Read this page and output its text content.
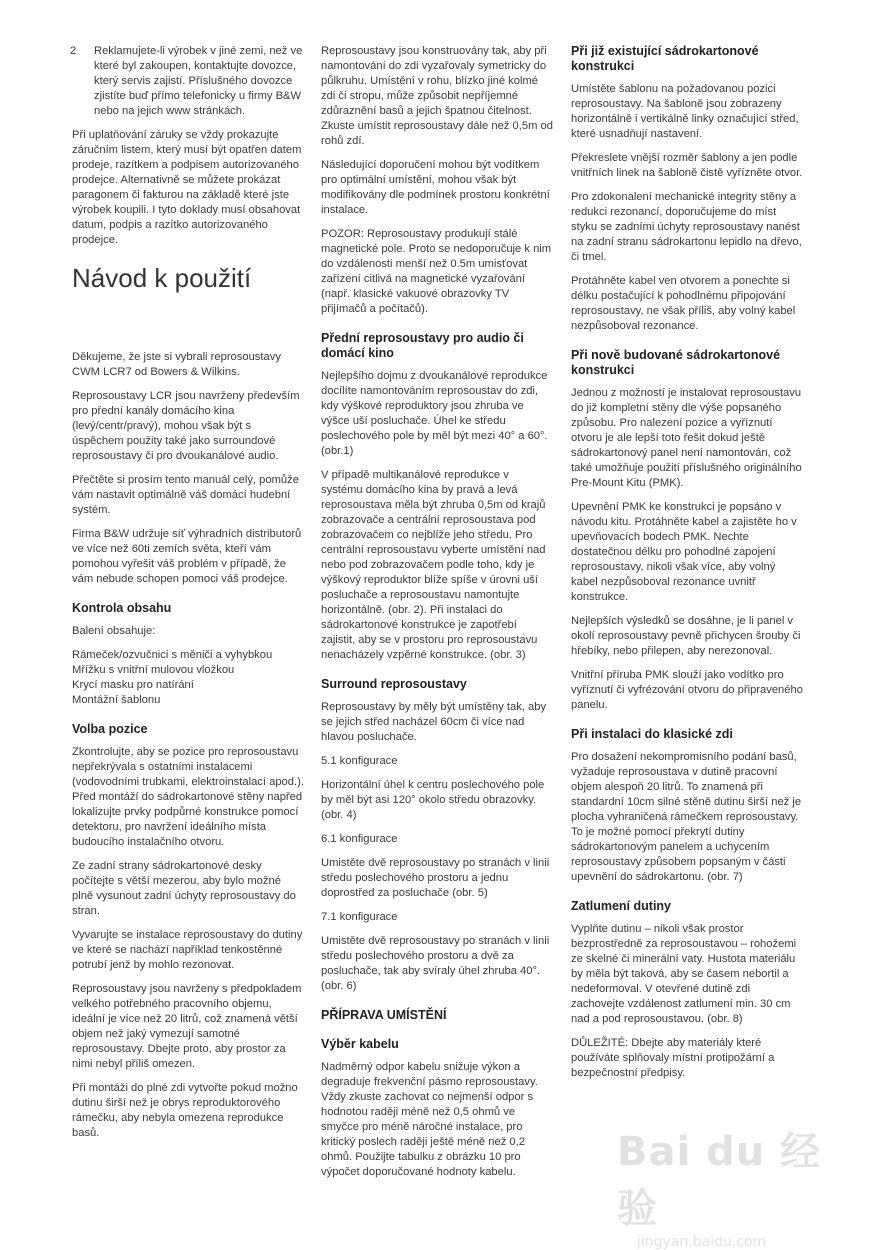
2	Reklamujete-li výrobek v jiné zemi, než ve které byl zakoupen, kontaktujte dovozce, který servis zajistí. Příslušného dovozce zjistíte buď přímo telefonicky u firmy B&W nebo na jejich www stránkách.

Při uplatňování záruky se vždy prokazujte záručním listem, který musí být opatřen datem prodeje, razítkem a podpisem autorizovaného prodejce. Alternativně se můžete prokázat paragonem či fakturou na základě které jste výrobek koupili. I tyto doklady musí obsahovat datum, podpis a razítko autorizovaného prodejce.

Návod k použití

Děkujeme, že jste si vybrali reprosoustavy CWM LCR7 od Bowers & Wilkins.

Reprosoustavy LCR jsou navrženy především pro přední kanály domácího kina (levý/centr/pravý), mohou však být s úspěchem použity také jako surroundové reprosoustavy či pro dvoukanálové audio.

Přečtěte si prosím tento manuál celý, pomůže vám nastavit optimálně váš domácí hudební systém.

Firma B&W udržuje síť výhradních distributorů ve více než 60ti zemích světa, kteří vám pomohou vyřešit váš problém v případě, že vám nebude schopen pomoci váš prodejce.

Kontrola obsahu

Balení obsahuje:

Rámeček/ozvučnici s měniči a vyhybkou
Mřížku s vnitřní mulovou vložkou
Krycí masku pro natírání
Montážní šablonu
Volba pozice

Zkontrolujte, aby se pozice pro reprosoustavu nepřekrývala s ostatními instalacemi (vodovodními trubkami, elektroinstalací apod.). Před montáží do sádrokartonové stěny napřed lokalizujte prvky podpůrné konstrukce pomocí detektoru, pro navržení ideálního místa budoucího instalačního otvoru.

Ze zadní strany sádrokartonové desky počítejte s větší mezerou, aby bylo možné plně vysunout zadní úchyty reprosoustavy do stran.

Vyvarujte se instalace reprosoustavy do dutiny ve které se nachází například tenkostěnné potrubí jenž by mohlo rezonovat.

Reprosoustavy jsou navrženy s předpokladem velkého potřebného pracovního objemu, ideální je více než 20 litrů, což znamená větší objem než jaký vymezují samotné reprosoustavy. Dbejte proto, aby prostor za nimi nebyl příliš omezen.

Při montáži do plné zdi vytvořte pokud možno dutinu širší než je obrys reproduktorového rámečku, aby nebyla omezena reprodukce basů.

Reprosoustavy jsou konstruovány tak, aby při namontování do zdi vyzařovaly symetricky do půlkruhu. Umístění v rohu, blízko jiné kolmé zdi či stropu, může způsobit nepříjemné zdůraznění basů a jejich špatnou čitelnost. Zkuste umístit reprosoustavy dále než 0,5m od rohů zdí.

Následující doporučení mohou být vodítkem pro optimální umístění, mohou však být modifikovány dle podmínek prostoru konkrétní instalace.

POZOR: Reprosoustavy produkují stálé magnetické pole. Proto se nedoporučuje k nim do vzdálenosti menší než 0.5m umisťovat zařízení citlivá na magnetické vyzařování (např. klasické vakuové obrazovky TV přijímačů a počítačů).

Přední reprosoustavy pro audio či domácí kino

Nejlepšího dojmu z dvoukanálové reprodukce docílíte namontováním reprosoustav do zdi, kdy výškové reproduktory jsou zhruba ve výšce uší posluchače. Úhel ke středu poslechového pole by měl být mezi 40° a 60°. (obr.1)

V případě multikanálové reprodukce v systému domácího kina by pravá a levá reprosoustava měla být zhruba 0,5m od krajů zobrazovače a centrální reprosoustava pod zobrazovačem co nejblíže jeho středu. Pro centrální reprosoustavu vyberte umístění nad nebo pod zobrazovačem podle toho, kdy je výškový reproduktor blíže spíše v úrovni uší posluchače a reprosoustavu namontujte horizontálně. (obr. 2). Při instalaci do sádrokartonové konstrukce je zapotřebí zajistit, aby se v prostoru pro reprosoustavu nenacházely vzpěrné konstrukce. (obr. 3)

Surround reprosoustavy

Reprosoustavy by měly být umístěny tak, aby se jejich střed nacházel 60cm či více nad hlavou posluchače.

5.1 konfigurace

Horizontální úhel k centru poslechového pole by měl být asi 120° okolo středu obrazovky. (obr. 4)

6.1 konfigurace

Umistěte dvě reprosoustavy po stranách v linii středu poslechového prostoru a jednu doprostřed za posluchače (obr. 5)

7.1 konfigurace

Umistěte dvě reprosoustavy po stranách v linii středu poslechového prostoru a dvě za posluchače, tak aby svíraly úhel zhruba 40°. (obr. 6)

PŘÍPRAVA UMÍSTĚNÍ
Výběr kabelu

Nadměrný odpor kabelu snižuje výkon a degraduje frekvenční pásmo reprosoustavy. Vždy zkuste zachovat co nejmenší odpor s hodnotou raději méně než 0,5 ohmů ve smyčce pro méně náročné instalace, pro kritický poslech raději ještě méně než 0,2 ohmů. Použijte tabulku z obrázku 10 pro výpočet doporučované hodnoty kabelu.

Při již existující sádrokartonové konstrukci

Umístěte šablonu na požadovanou pozici reprosoustavy. Na šabloně jsou zobrazeny horizontálně i vertikálně linky označující střed, které usnadňují nastavení.

Překreslete vnější rozměr šablony a jen podle vnitřních linek na šabloně čistě vyřízněte otvor.

Pro zdokonalení mechanické integrity stěny a redukci rezonancí, doporučujeme do míst styku se zadními úchyty reprosoustavy nanést na zadní stranu sádrokartonu lepidlo na dřevo, či tmel.

Protáhněte kabel ven otvorem a ponechte si délku postačující k pohodlnému připojování reprosoustavy, ne však příliš, aby volný kabel nezpůsoboval rezonance.

Při nově budované sádrokartonové konstrukci

Jednou z možností je instalovat reprosoustavu do již kompletní stěny dle výše popsaného způsobu. Pro nalezení pozice a vyříznutí otvoru je ale lepší toto řešit dokud ještě sádrokartonový panel není namontován, což také umožňuje použití příslušného originálního Pre-Mount Kitu (PMK).

Upevnění PMK ke konstrukci je popsáno v návodu kitu. Protáhněte kabel a zajistěte ho v upevňovacích bodech PMK. Nechte dostatečnou délku pro pohodlné zapojení reprosoustavy, nikoli však více, aby volný kabel nezpůsoboval rezonance uvnitř konstrukce.

Nejlepších výsledků se dosáhne, je li panel v okolí reprosoustavy pevně přichycen šrouby či hřebíky, nebo přilepen, aby nerezonoval.

Vnitřní příruba PMK slouží jako vodítko pro vyříznutí či vyfrézování otvoru do připraveného panelu.

Při instalaci do klasické zdi

Pro dosažení nekompromisního podání basů, vyžaduje reprosoustava v dutině pracovní objem alespoň 20 litrů. To znamená při standardní 10cm silné stěně dutinu širší než je plocha vyhraničená rámečkem reprosoustavy. To je možné pomocí překrytí dutiny sádrokartonovým panelem a uchycením reprosoustavy způsobem popsaným v části upevnění do sádrokartonu. (obr. 7)

Zatlumení dutiny

Vyplňte dutinu – nikoli však prostor bezprostředně za reprosoustavou – rohožemi ze skelné či minerální vaty. Hustota materiálu by měla být taková, aby se časem nebortil a nedeformoval. V otevřené dutině zdi zachovejte vzdálenost zatlumení min. 30 cm nad a pod reprosoustavou. (obr. 8)

DŮLEŽITÉ: Dbejte aby materiály které používáte splňovaly místní protipožární a bezpečnostní předpisy.

Bai du 经验
jingyan.baidu.com
